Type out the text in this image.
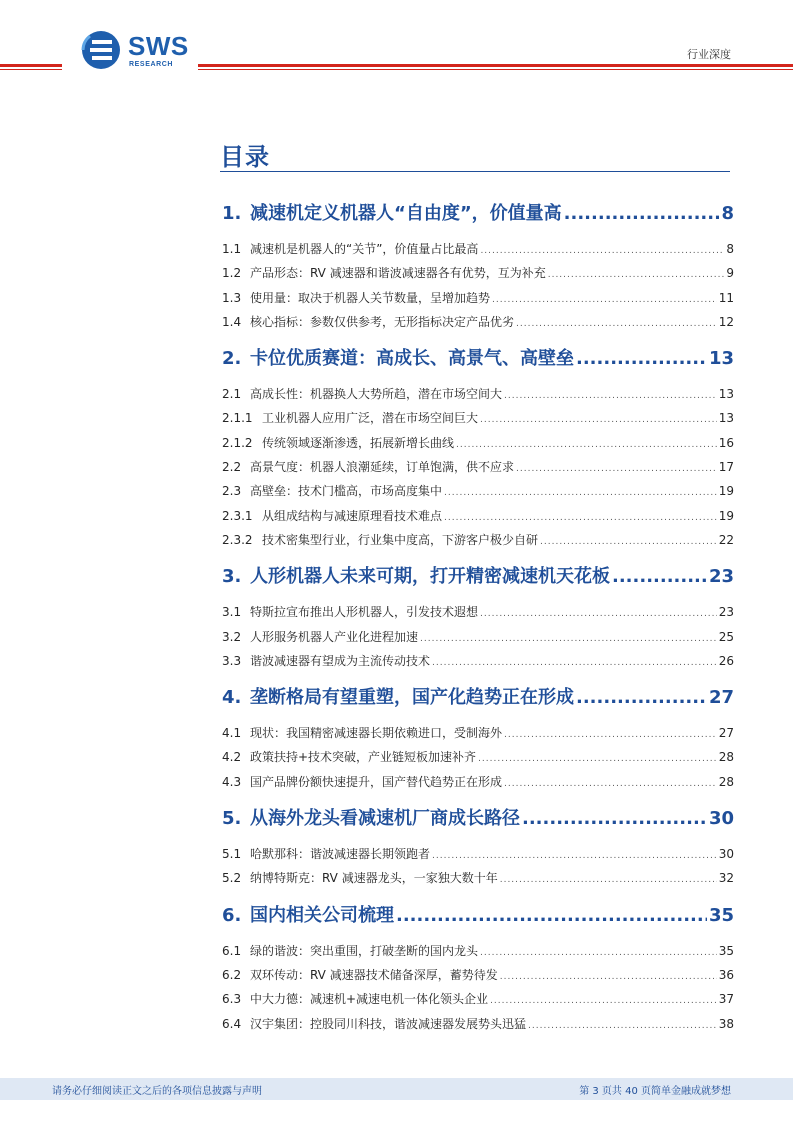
SWS
RESEARCH
行业深度
目录
1. 减速机定义机器人“自由度”，价值量高 .....	8
1.1 减速机是机器人的“关节”，价值量占比最高 .....	8
1.2 产品形态：RV 减速器和谐波减速器各有优势，互为补充 .....	9
1.3 使用量：取决于机器人关节数量，呈增加趋势 .....	11
1.4 核心指标：参数仅供参考，无形指标决定产品优劣 .....	12
2. 卡位优质赛道：高成长、高景气、高壁垒 .....	13
2.1 高成长性：机器换人大势所趋，潜在市场空间大 .....	13
2.1.1 工业机器人应用广泛，潜在市场空间巨大 .....	13
2.1.2 传统领域逐渐渗透，拓展新增长曲线 .....	16
2.2 高景气度：机器人浪潮延续，订单饱满，供不应求 .....	17
2.3 高壁垒：技术门槛高，市场高度集中 .....	19
2.3.1 从组成结构与减速原理看技术难点 .....	19
2.3.2 技术密集型行业，行业集中度高，下游客户极少自研 .....	22
3. 人形机器人未来可期，打开精密减速机天花板 .....	23
3.1 特斯拉宣布推出人形机器人，引发技术遐想 .....	23
3.2 人形服务机器人产业化进程加速 .....	25
3.3 谐波减速器有望成为主流传动技术 .....	26
4. 垄断格局有望重塑，国产化趋势正在形成 .....	27
4.1 现状：我国精密减速器长期依赖进口，受制海外 .....	27
4.2 政策扶持+技术突破，产业链短板加速补齐 .....	28
4.3 国产品牌份额快速提升，国产替代趋势正在形成 .....	28
5. 从海外龙头看减速机厂商成长路径 .....	30
5.1 哈默那科：谐波减速器长期领跑者 .....	30
5.2 纳博特斯克：RV 减速器龙头，一家独大数十年 .....	32
6. 国内相关公司梳理 .....	35
6.1 绿的谐波：突出重围，打破垄断的国内龙头 .....	35
6.2 双环传动：RV 减速器技术储备深厚，蓄势待发 .....	36
6.3 中大力德：减速机+减速电机一体化领头企业 .....	37
6.4 汉宇集团：控股同川科技，谐波减速器发展势头迅猛 .....	38
请务必仔细阅读正文之后的各项信息披露与声明	第 3 页共 40 页简单金融成就梦想
